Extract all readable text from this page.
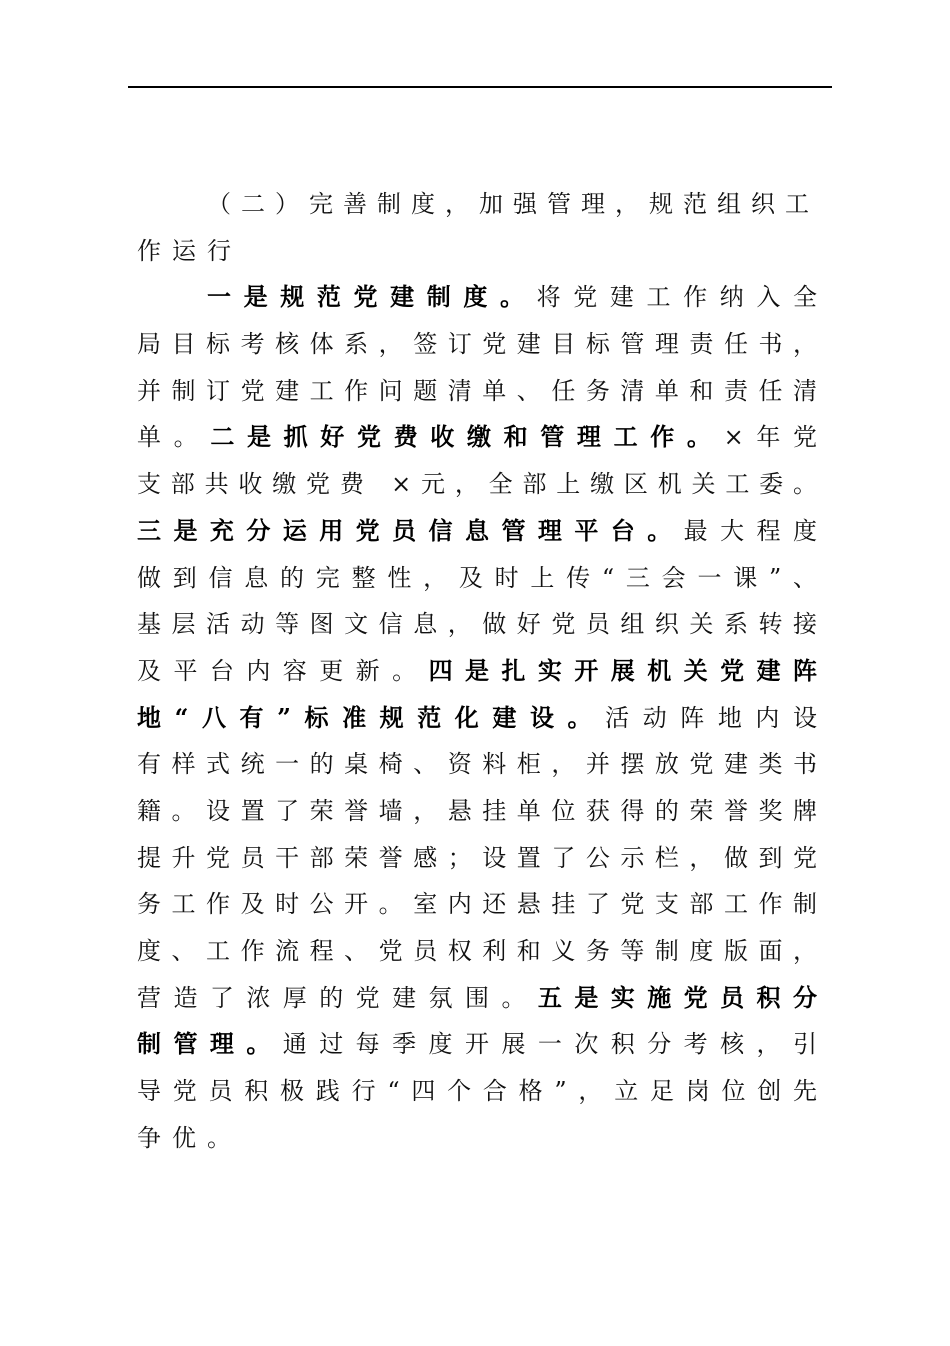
（二）完善制度，加强管理，规范组织工
作运行
一是规范党建制度。将党建工作纳入全
局目标考核体系，签订党建目标管理责任书，
并制订党建工作问题清单、任务清单和责任清
单。二是抓好党费收缴和管理工作。×年党
支部共收缴党费 ×元，全部上缴区机关工委。
三是充分运用党员信息管理平台。最大程度
做到信息的完整性，及时上传“三会一课”、
基层活动等图文信息，做好党员组织关系转接
及平台内容更新。四是扎实开展机关党建阵
地“八有”标准规范化建设。活动阵地内设
有样式统一的桌椅、资料柜，并摆放党建类书
籍。设置了荣誉墙，悬挂单位获得的荣誉奖牌
提升党员干部荣誉感；设置了公示栏，做到党
务工作及时公开。室内还悬挂了党支部工作制
度、工作流程、党员权利和义务等制度版面，
营造了浓厚的党建氛围。五是实施党员积分
制管理。通过每季度开展一次积分考核，引
导党员积极践行“四个合格”，立足岗位创先
争优。
